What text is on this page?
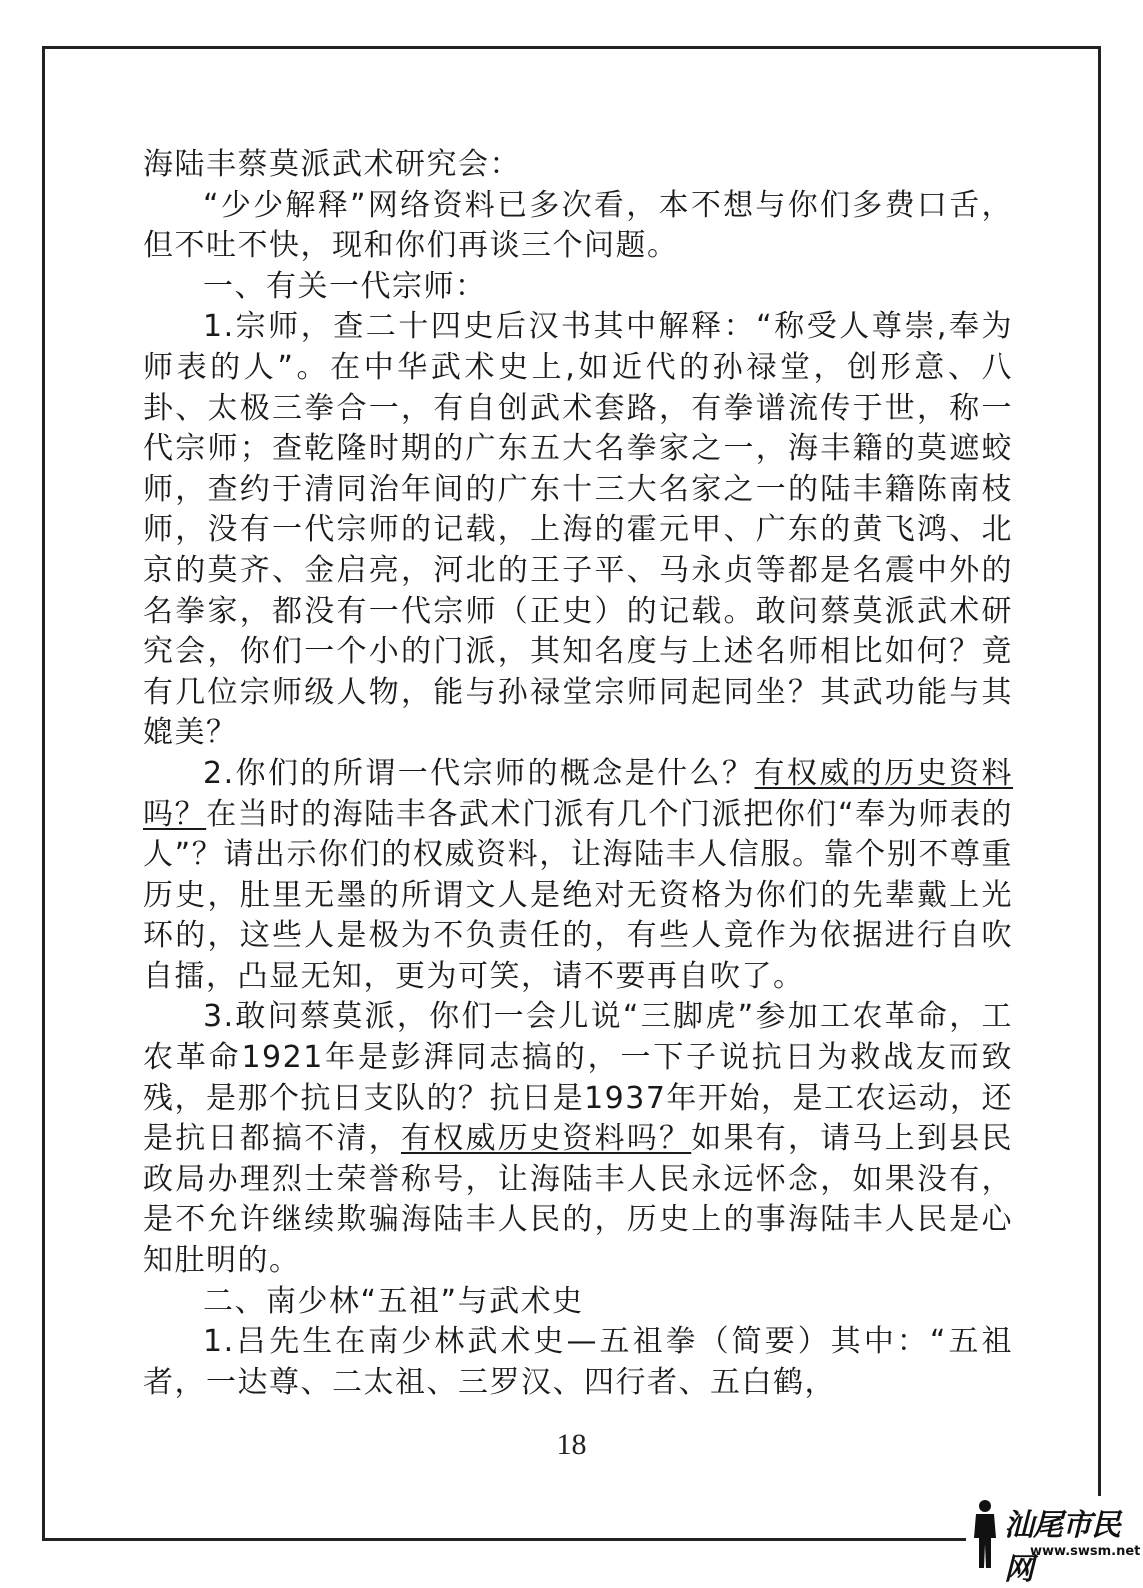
海陆丰蔡莫派武术研究会：

“少少解释”网络资料已多次看，本不想与你们多费口舌，但不吐不快，现和你们再谈三个问题。

一、有关一代宗师：

1.宗师，查二十四史后汉书其中解释：“称受人尊崇,奉为师表的人”。在中华武术史上,如近代的孙禄堂，创形意、八卦、太极三拳合一，有自创武术套路，有拳谱流传于世，称一代宗师；查乾隆时期的广东五大名拳家之一，海丰籍的莫遮蛟师，查约于清同治年间的广东十三大名家之一的陆丰籍陈南枝师，没有一代宗师的记载，上海的霍元甲、广东的黄飞鸿、北京的莫齐、金启亮，河北的王子平、马永贞等都是名震中外的名拳家，都没有一代宗师（正史）的记载。敢问蔡莫派武术研究会，你们一个小的门派，其知名度与上述名师相比如何？竟有几位宗师级人物，能与孙禄堂宗师同起同坐？其武功能与其媲美？

2.你们的所谓一代宗师的概念是什么？有权威的历史资料吗？在当时的海陆丰各武术门派有几个门派把你们“奉为师表的人”？请出示你们的权威资料，让海陆丰人信服。靠个别不尊重历史，肚里无墨的所谓文人是绝对无资格为你们的先辈戴上光环的，这些人是极为不负责任的，有些人竟作为依据进行自吹自擂，凸显无知，更为可笑，请不要再自吹了。

3.敢问蔡莫派，你们一会儿说“三脚虎”参加工农革命，工农革命1921年是彭湃同志搞的，一下子说抗日为救战友而致残，是那个抗日支队的？抗日是1937年开始，是工农运动，还是抗日都搞不清，有权威历史资料吗？如果有，请马上到县民政局办理烈士荣誉称号，让海陆丰人民永远怀念，如果没有，是不允许继续欺骗海陆丰人民的，历史上的事海陆丰人民是心知肚明的。

二、南少林“五祖”与武术史

1.吕先生在南少林武术史—五祖拳（简要）其中：“五祖者，一达尊、二太祖、三罗汉、四行者、五白鹤，

18
汕尾市民网
www.swsm.net
